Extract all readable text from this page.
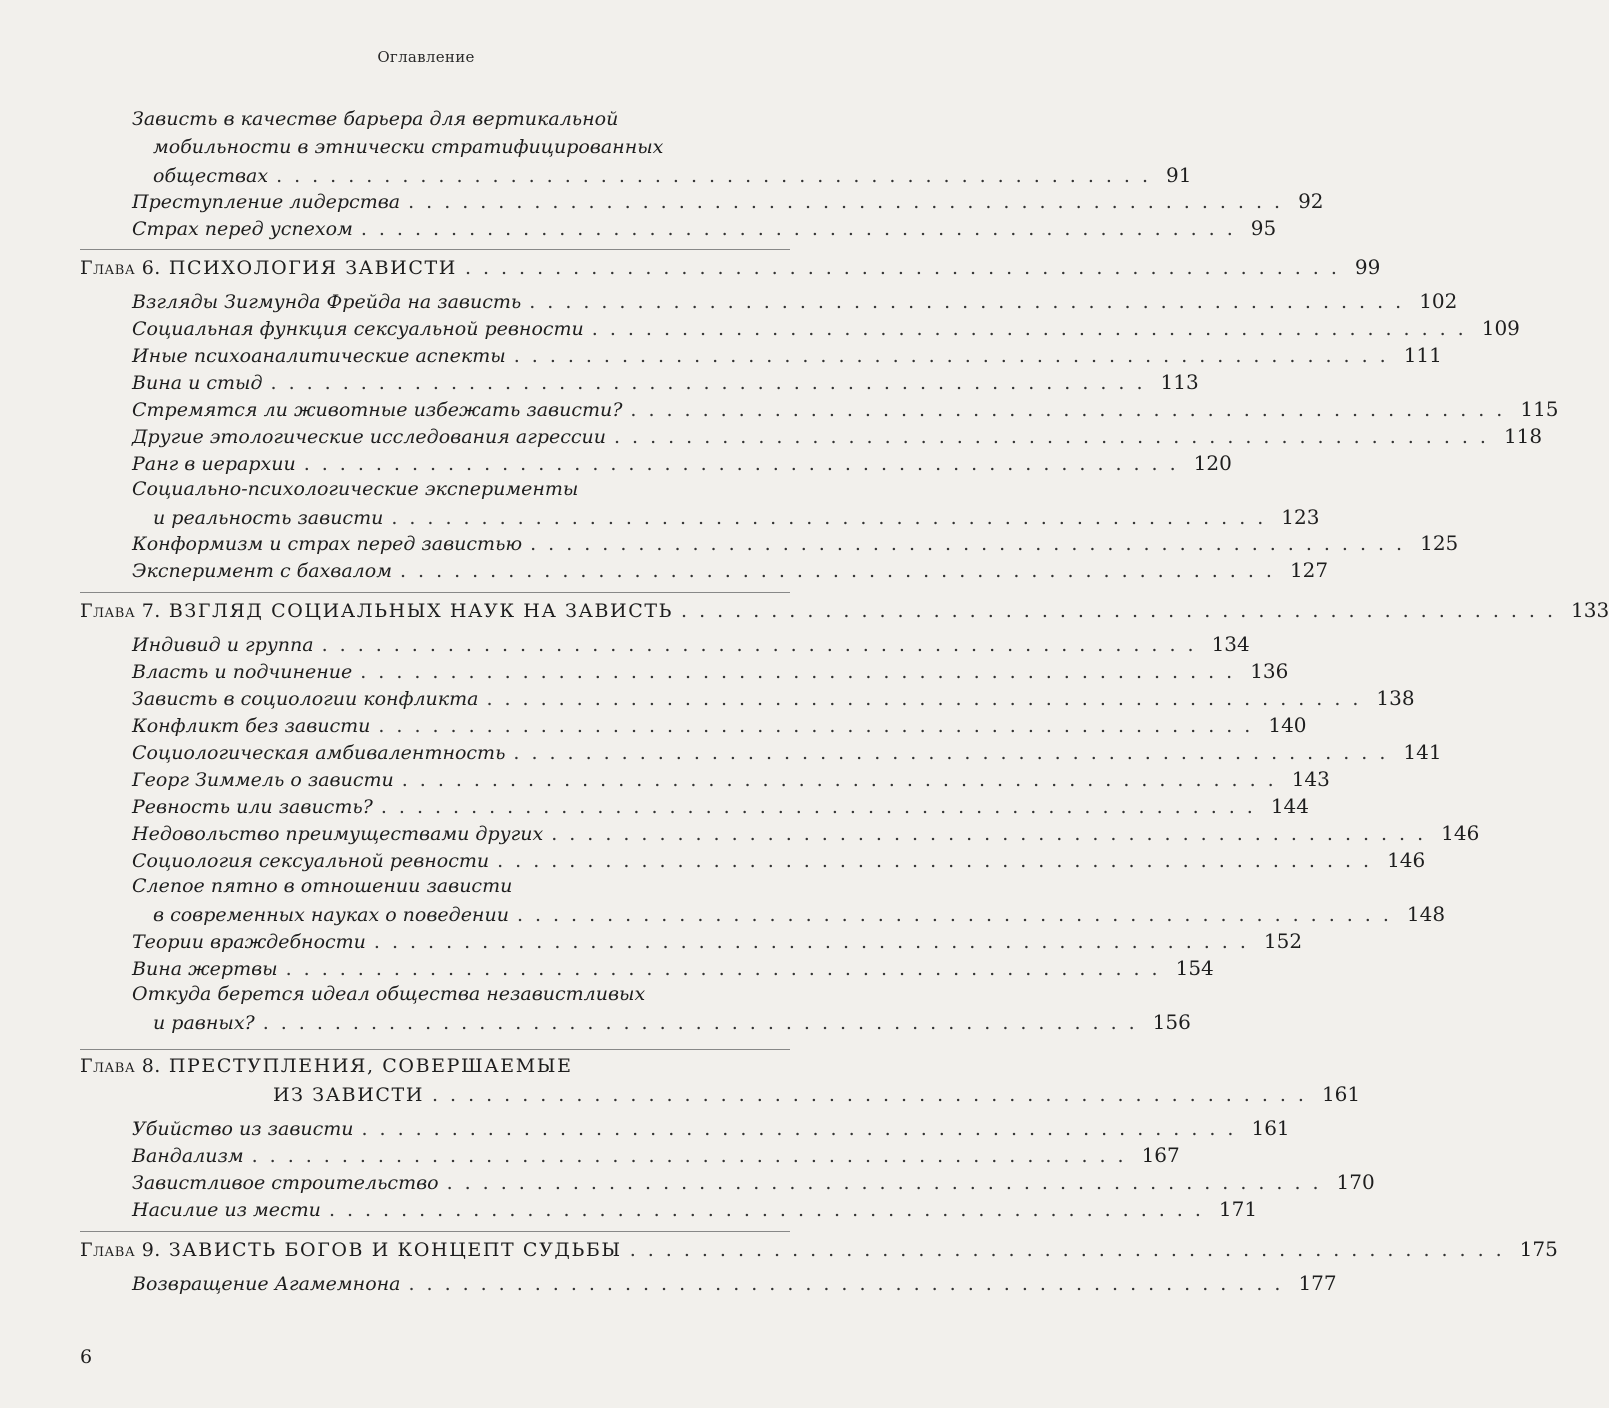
Оглавление
Зависть в качестве барьера для вертикальной
мобильности в этнически стратифицированных
обществах ................................................. 91
Преступление лидерства ................................................. 92
Страх перед успехом ................................................. 95
Глава 6. ПСИХОЛОГИЯ ЗАВИСТИ ................................................. 99
Взгляды Зигмунда Фрейда на зависть ................................................. 102
Социальная функция сексуальной ревности ................................................. 109
Иные психоаналитические аспекты ................................................. 111
Вина и стыд ................................................. 113
Стремятся ли животные избежать зависти? ................................................. 115
Другие этологические исследования агрессии ................................................. 118
Ранг в иерархии ................................................. 120
Социально-психологические эксперименты
и реальность зависти ................................................. 123
Конформизм и страх перед завистью ................................................. 125
Эксперимент с бахвалом ................................................. 127
Глава 7. ВЗГЛЯД СОЦИАЛЬНЫХ НАУК НА ЗАВИСТЬ ................................................. 133
Индивид и группа ................................................. 134
Власть и подчинение ................................................. 136
Зависть в социологии конфликта ................................................. 138
Конфликт без зависти ................................................. 140
Социологическая амбивалентность ................................................. 141
Георг Зиммель о зависти ................................................. 143
Ревность или зависть? ................................................. 144
Недовольство преимуществами других ................................................. 146
Социология сексуальной ревности ................................................. 146
Слепое пятно в отношении зависти
в современных науках о поведении ................................................. 148
Теории враждебности ................................................. 152
Вина жертвы ................................................. 154
Откуда берется идеал общества независтливых
и равных? ................................................. 156
Глава 8. ПРЕСТУПЛЕНИЯ, СОВЕРШАЕМЫЕ
ИЗ ЗАВИСТИ ................................................. 161
Убийство из зависти ................................................. 161
Вандализм ................................................. 167
Завистливое строительство ................................................. 170
Насилие из мести ................................................. 171
Глава 9. ЗАВИСТЬ БОГОВ И КОНЦЕПТ СУДЬБЫ ................................................. 175
Возвращение Агамемнона ................................................. 177
6
